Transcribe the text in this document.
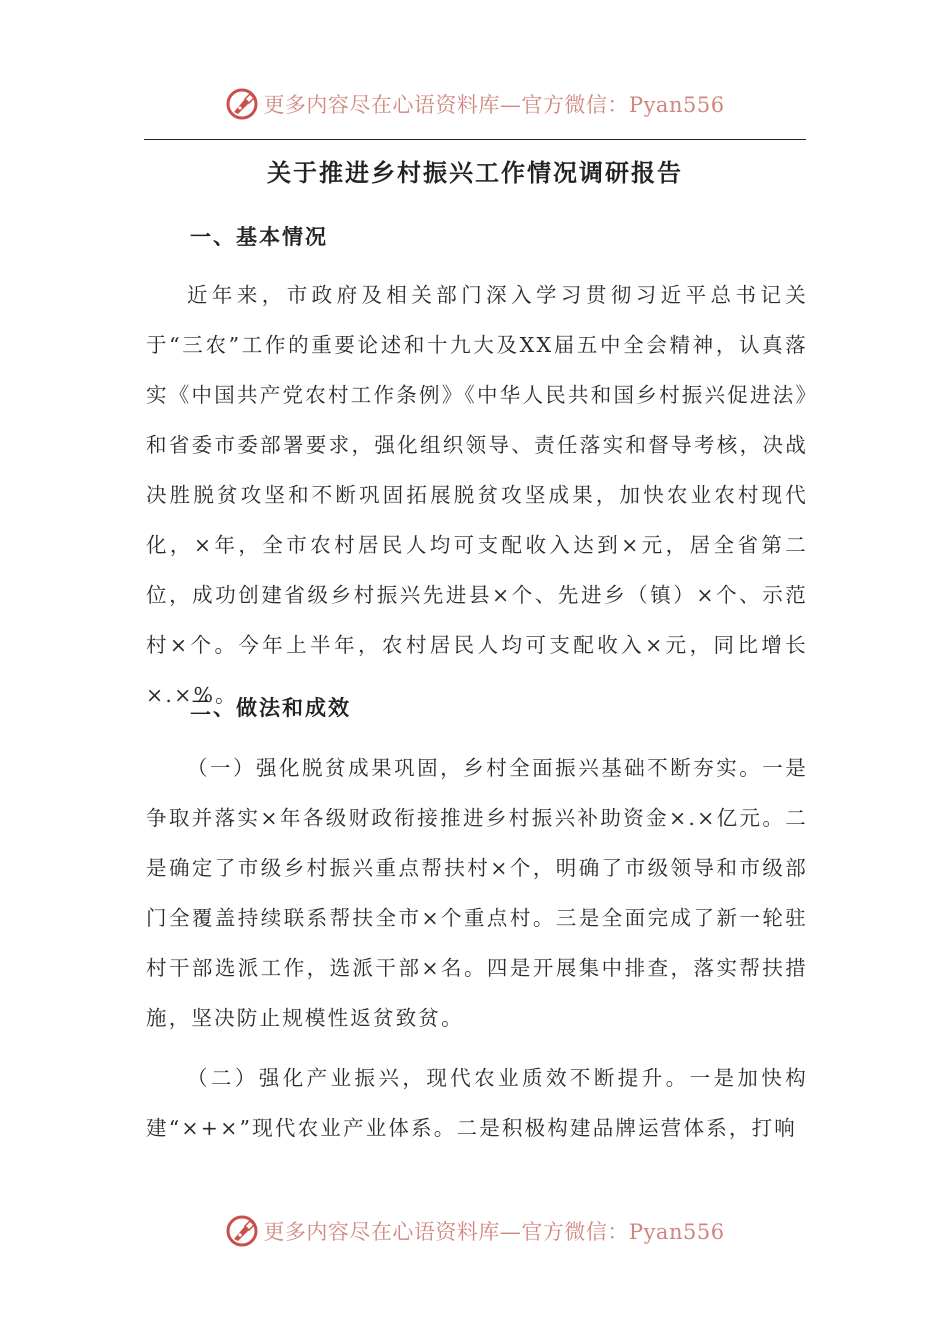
更多内容尽在心语资料库—官方微信：Pyan556
关于推进乡村振兴工作情况调研报告
一、基本情况
近年来，市政府及相关部门深入学习贯彻习近平总书记关于“三农”工作的重要论述和十九大及XX届五中全会精神，认真落实《中国共产党农村工作条例》《中华人民共和国乡村振兴促进法》和省委市委部署要求，强化组织领导、责任落实和督导考核，决战决胜脱贫攻坚和不断巩固拓展脱贫攻坚成果，加快农业农村现代化，×年，全市农村居民人均可支配收入达到×元，居全省第二位，成功创建省级乡村振兴先进县×个、先进乡（镇）×个、示范村×个。今年上半年，农村居民人均可支配收入×元，同比增长×.×%。
二、做法和成效
（一）强化脱贫成果巩固，乡村全面振兴基础不断夯实。一是争取并落实×年各级财政衔接推进乡村振兴补助资金×.×亿元。二是确定了市级乡村振兴重点帮扶村×个，明确了市级领导和市级部门全覆盖持续联系帮扶全市×个重点村。三是全面完成了新一轮驻村干部选派工作，选派干部×名。四是开展集中排查，落实帮扶措施，坚决防止规模性返贫致贫。
（二）强化产业振兴，现代农业质效不断提升。一是加快构建“×+×”现代农业产业体系。二是积极构建品牌运营体系，打响
更多内容尽在心语资料库—官方微信：Pyan556
